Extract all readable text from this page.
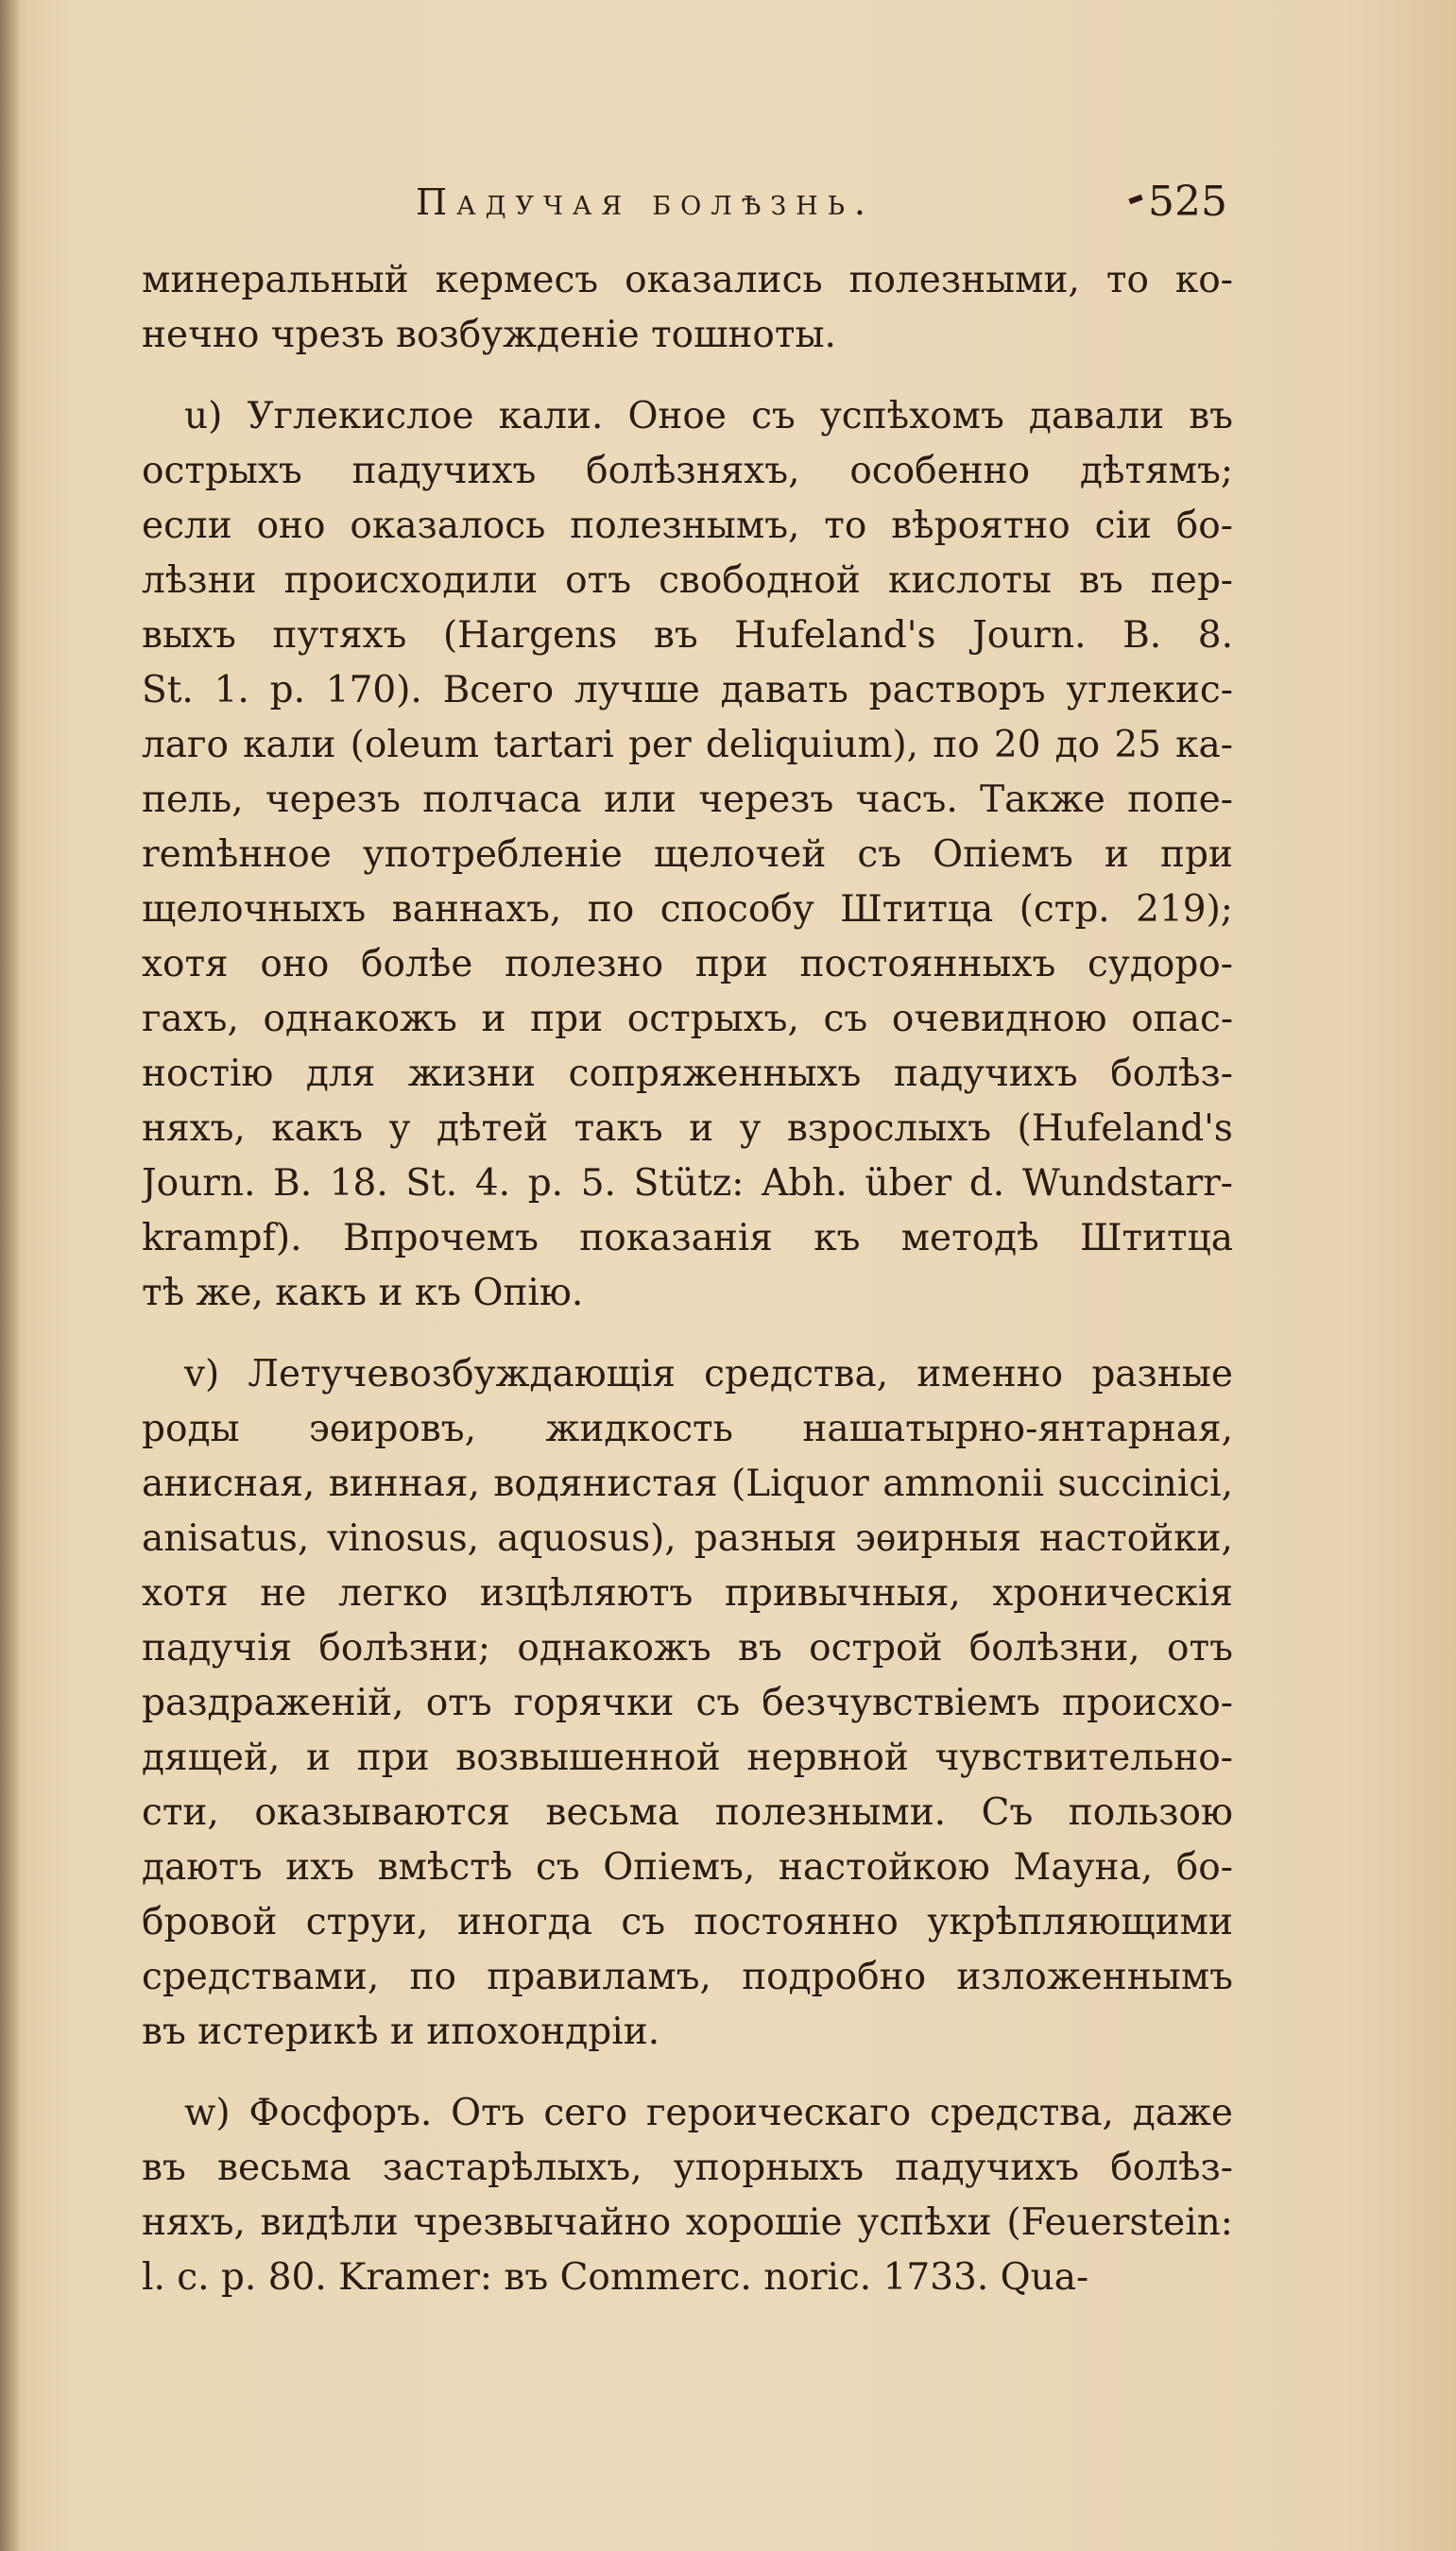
Падучая болѣзнь.	525
минеральный кермесъ оказались полезными, то ко-
нечно чрезъ возбужденіе тошноты.
u) Углекислое кали. Оное съ успѣхомъ давали въ
острыхъ падучихъ болѣзняхъ, особенно дѣтямъ;
если оно оказалось полезнымъ, то вѣроятно сіи бо-
лѣзни происходили отъ свободной кислоты въ пер-
выхъ путяхъ (Hargens въ Hufeland's Journ. B. 8.
St. 1. p. 170). Всего лучше давать растворъ углекис-
лаго кали (oleum tartari per deliquium), по 20 до 25 ка-
пель, черезъ полчаса или черезъ часъ. Также попе-
remѣнное употребленіе щелочей съ Опіемъ и при
щелочныхъ ваннахъ, по способу Штитца (стр. 219);
хотя оно болѣе полезно при постоянныхъ судоро-
гахъ, однакожъ и при острыхъ, съ очевидною опас-
ностію для жизни сопряженныхъ падучихъ болѣз-
няхъ, какъ у дѣтей такъ и у взрослыхъ (Hufeland's
Journ. B. 18. St. 4. p. 5. Stütz: Abh. über d. Wundstarr-
krampf). Впрочемъ показанія къ методѣ Штитца
тѣ же, какъ и къ Опію.
v) Летучевозбуждающія средства, именно разные
роды эѳировъ, жидкость нашатырно-янтарная,
анисная, винная, водянистая (Liquor ammonii succinici,
anisatus, vinosus, aquosus), разныя эѳирныя настойки,
хотя не легко изцѣляютъ привычныя, хроническія
падучія болѣзни; однакожъ въ острой болѣзни, отъ
раздраженій, отъ горячки съ безчувствіемъ происхо-
дящей, и при возвышенной нервной чувствительно-
сти, оказываются весьма полезными. Съ пользою
даютъ ихъ вмѣстѣ съ Опіемъ, настойкою Мауна, бо-
бровой струи, иногда съ постоянно укрѣпляющими
средствами, по правиламъ, подробно изложеннымъ
въ истерикѣ и ипохондріи.
w) Фосфоръ. Отъ сего героическаго средства, даже
въ весьма застарѣлыхъ, упорныхъ падучихъ болѣз-
няхъ, видѣли чрезвычайно хорошіе успѣхи (Feuerstein:
l. c. p. 80. Kramer: въ Commerc. noric. 1733. Qua-
